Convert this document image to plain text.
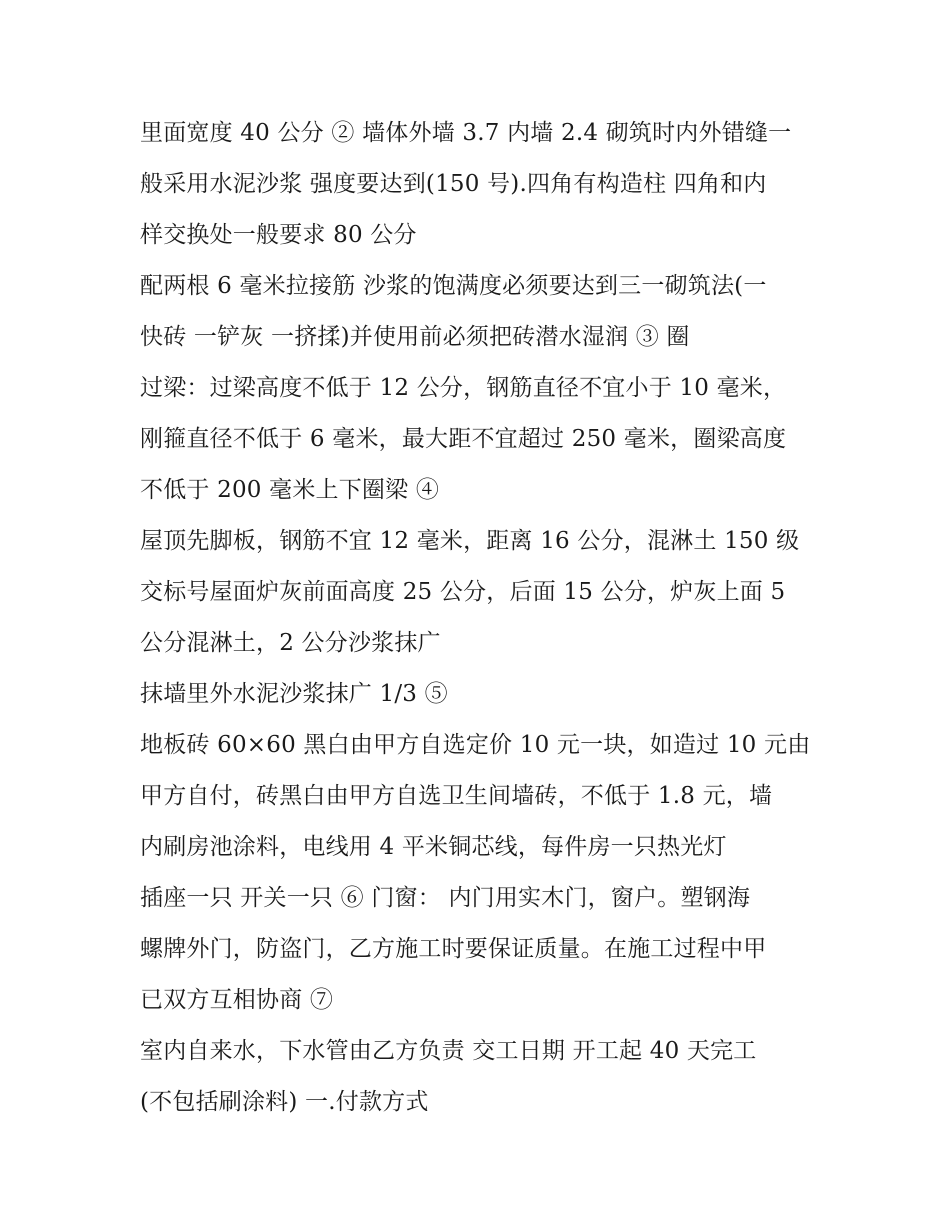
里面宽度 40 公分 ② 墙体外墙 3.7 内墙 2.4 砌筑时内外错缝一
般采用水泥沙浆 强度要达到(150 号).四角有构造柱 四角和内
样交换处一般要求 80 公分
配两根 6 毫米拉接筋 沙浆的饱满度必须要达到三一砌筑法(一
快砖 一铲灰 一挤揉)并使用前必须把砖潜水湿润 ③ 圈
过梁：过梁高度不低于 12 公分，钢筋直径不宜小于 10 毫米，
刚箍直径不低于 6 毫米，最大距不宜超过 250 毫米，圈梁高度
不低于 200 毫米上下圈梁 ④
屋顶先脚板，钢筋不宜 12 毫米，距离 16 公分，混淋土 150 级
交标号屋面炉灰前面高度 25 公分，后面 15 公分，炉灰上面 5
公分混淋土，2 公分沙浆抹广
抹墙里外水泥沙浆抹广 1/3 ⑤
地板砖 60×60 黑白由甲方自选定价 10 元一块，如造过 10 元由
甲方自付，砖黑白由甲方自选卫生间墙砖，不低于 1.8 元，墙
内刷房池涂料，电线用 4 平米铜芯线，每件房一只热光灯
插座一只 开关一只 ⑥ 门窗： 内门用实木门，窗户。塑钢海
螺牌外门，防盗门，乙方施工时要保证质量。在施工过程中甲
已双方互相协商 ⑦
室内自来水，下水管由乙方负责 交工日期 开工起 40 天完工
(不包括刷涂料) 一.付款方式
